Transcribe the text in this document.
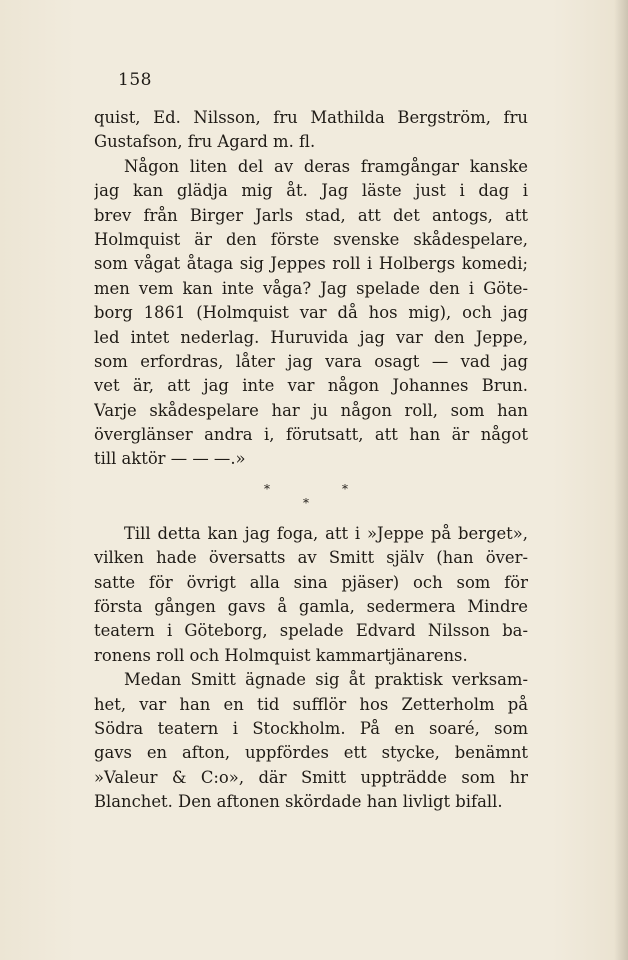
158
quist, Ed. Nilsson, fru Mathilda Bergström, fru
Gustafson, fru Agard m. fl.
Någon liten del av deras framgångar kanske
jag kan glädja mig åt. Jag läste just i dag i
brev från Birger Jarls stad, att det antogs, att
Holmquist är den förste svenske skådespelare,
som vågat åtaga sig Jeppes roll i Holbergs komedi;
men vem kan inte våga? Jag spelade den i Göte-
borg 1861 (Holmquist var då hos mig), och jag
led intet nederlag. Huruvida jag var den Jeppe,
som erfordras, låter jag vara osagt — vad jag
vet är, att jag inte var någon Johannes Brun.
Varje skådespelare har ju någon roll, som han
överglänser andra i, förutsatt, att han är något
till aktör — — —.»
*	*
*
Till detta kan jag foga, att i »Jeppe på berget»,
vilken hade översatts av Smitt själv (han över-
satte för övrigt alla sina pjäser) och som för
första gången gavs å gamla, sedermera Mindre
teatern i Göteborg, spelade Edvard Nilsson ba-
ronens roll och Holmquist kammartjänarens.
Medan Smitt ägnade sig åt praktisk verksam-
het, var han en tid sufflör hos Zetterholm på
Södra teatern i Stockholm. På en soaré, som
gavs en afton, uppfördes ett stycke, benämnt
»Valeur & C:o», där Smitt uppträdde som hr
Blanchet. Den aftonen skördade han livligt bifall.
